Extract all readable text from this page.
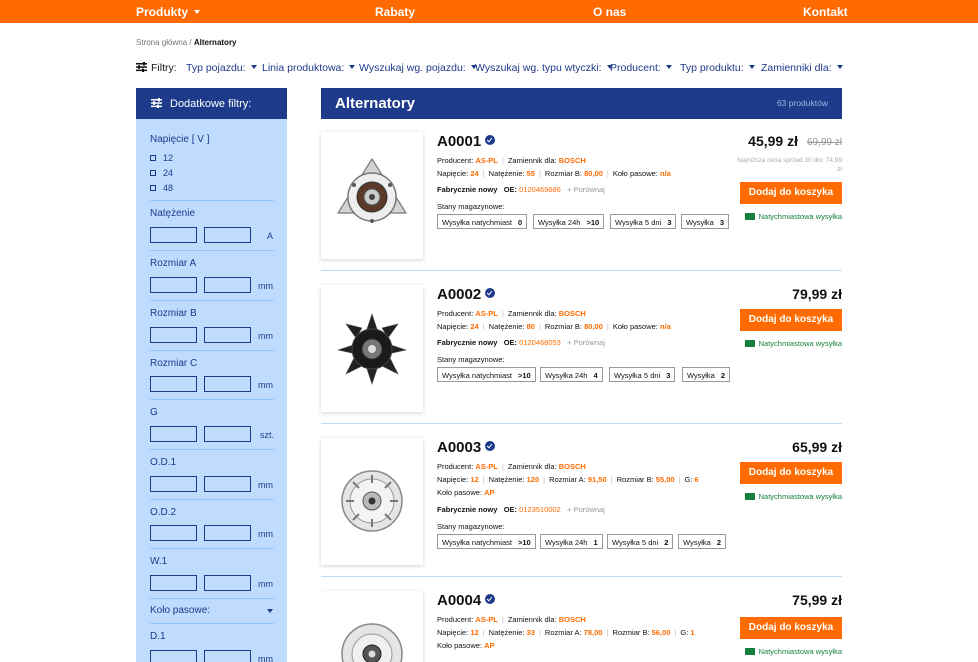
Produkty	Rabaty	O nas	Kontakt
Strona główna / Alternatory
Filtry: Typ pojazdu:	Linia produktowa:	Wyszukaj wg. pojazdu: Wyszukaj wg. typu wtyczki: Producent:	Typ produktu:	Zamienniki dla:
Dodatkowe filtry:
Napięcie [ V ]
12
24
48
Natężenie
A
Rozmiar A
mm
Rozmiar B
mm
Rozmiar C
mm
G
szt.
O.D.1
mm
O.D.2
mm
W.1
mm
Koło pasowe:
D.1
mm
Alternatory	63 produktów
A0001
Producent: AS-PL | Zamiennik dla: BOSCH
Napięcie: 24 | Natężenie: 55 | Rozmiar B: 80,00 | Koło pasowe: n/a
Fabrycznie nowy OE: 0120469686 + Porównaj
Stany magazynowe:
Wysyłka natychmiast 0	Wysyłka 24h >10	Wysyłka 5 dni 3	Wysyłka 3
45,99 zł 69,99 zł
Najniższa cena sprzed 30 dni: 74,99 zł
Dodaj do koszyka
Natychmiastowa wysyłka
A0002
Producent: AS-PL | Zamiennik dla: BOSCH
Napięcie: 24 | Natężenie: 80 | Rozmiar B: 80,00 | Koło pasowe: n/a
Fabrycznie nowy OE: 0120468053 + Porównaj
Stany magazynowe:
Wysyłka natychmiast >10	Wysyłka 24h 4	Wysyłka 5 dni 3	Wysyłka 2
79,99 zł
Dodaj do koszyka
Natychmiastowa wysyłka
A0003
Producent: AS-PL | Zamiennik dla: BOSCH
Napięcie: 12 | Natężenie: 120 | Rozmiar A: 91,50 | Rozmiar B: 55,00 | G: 6
Koło pasowe: AP
Fabrycznie nowy OE: 0123510002 + Porównaj
Stany magazynowe:
Wysyłka natychmiast >10	Wysyłka 24h 1	Wysyłka 5 dni 2	Wysyłka 2
65,99 zł
Dodaj do koszyka
Natychmiastowa wysyłka
A0004
Producent: AS-PL | Zamiennik dla: BOSCH
Napięcie: 12 | Natężenie: 33 | Rozmiar A: 78,00 | Rozmiar B: 56,00 | G: 1
Koło pasowe: AP
75,99 zł
Dodaj do koszyka
Natychmiastowa wysyłka
